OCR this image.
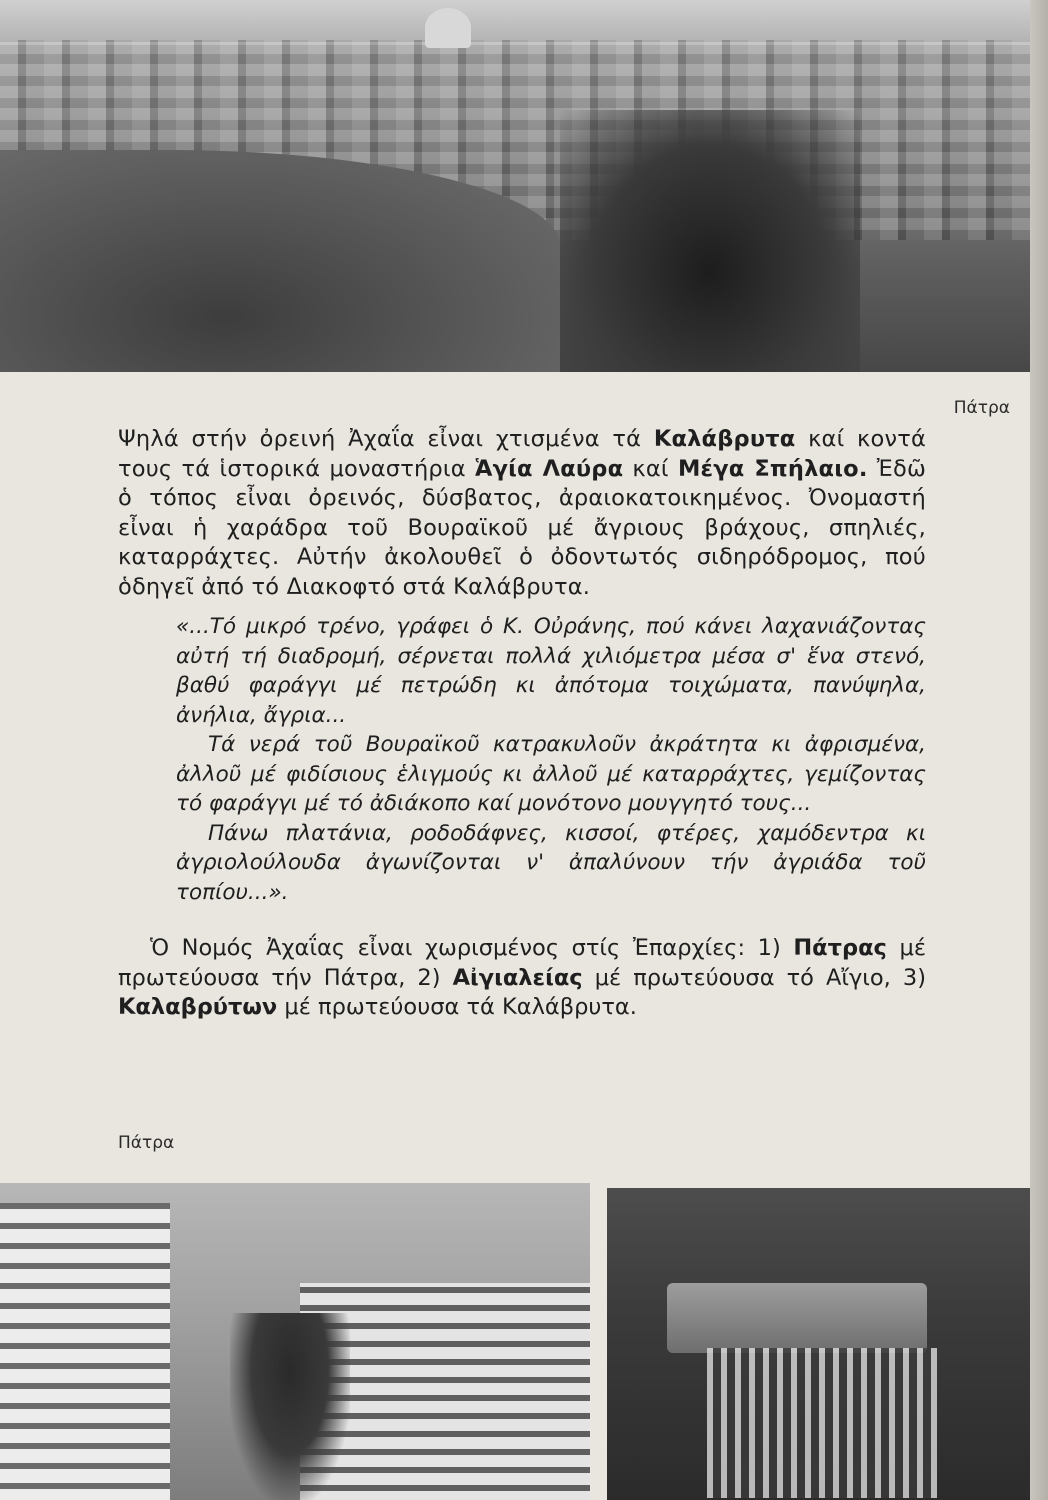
Πάτρα

Ψηλά στήν ὀρεινή Ἀχαΐα εἶναι χτισμένα τά Καλάβρυτα καί κοντά τους τά ἱστορικά μοναστήρια Ἁγία Λαύρα καί Μέγα Σπήλαιο. Ἐδῶ ὁ τόπος εἶναι ὀρεινός, δύσβατος, ἀραιοκατοικημένος. Ὀνομαστή εἶναι ἡ χαράδρα τοῦ Βουραϊκοῦ μέ ἄγριους βράχους, σπηλιές, καταρράχτες. Αὐτήν ἀκολουθεῖ ὁ ὀδοντωτός σιδηρόδρομος, πού ὁδηγεῖ ἀπό τό Διακοφτό στά Καλάβρυτα.

«...Τό μικρό τρένο, γράφει ὁ Κ. Οὐράνης, πού κάνει λαχανιάζοντας αὐτή τή διαδρομή, σέρνεται πολλά χιλιόμετρα μέσα σ' ἕνα στενό, βαθύ φαράγγι μέ πετρώδη κι ἀπότομα τοιχώματα, πανύψηλα, ἀνήλια, ἄγρια...

Τά νερά τοῦ Βουραϊκοῦ κατρακυλοῦν ἀκράτητα κι ἀφρισμένα, ἀλλοῦ μέ φιδίσιους ἑλιγμούς κι ἀλλοῦ μέ καταρράχτες, γεμίζοντας τό φαράγγι μέ τό ἀδιάκοπο καί μονότονο μουγγητό τους...

Πάνω πλατάνια, ροδοδάφνες, κισσοί, φτέρες, χαμόδεντρα κι ἀγριολούλουδα ἀγωνίζονται ν' ἀπαλύνουν τήν ἀγριάδα τοῦ τοπίου...».

Ὁ Νομός Ἀχαΐας εἶναι χωρισμένος στίς Ἐπαρχίες: 1) Πάτρας μέ πρωτεύουσα τήν Πάτρα, 2) Αἰγιαλείας μέ πρωτεύουσα τό Αἴγιο, 3) Καλαβρύτων μέ πρωτεύουσα τά Καλάβρυτα.

Πάτρα
